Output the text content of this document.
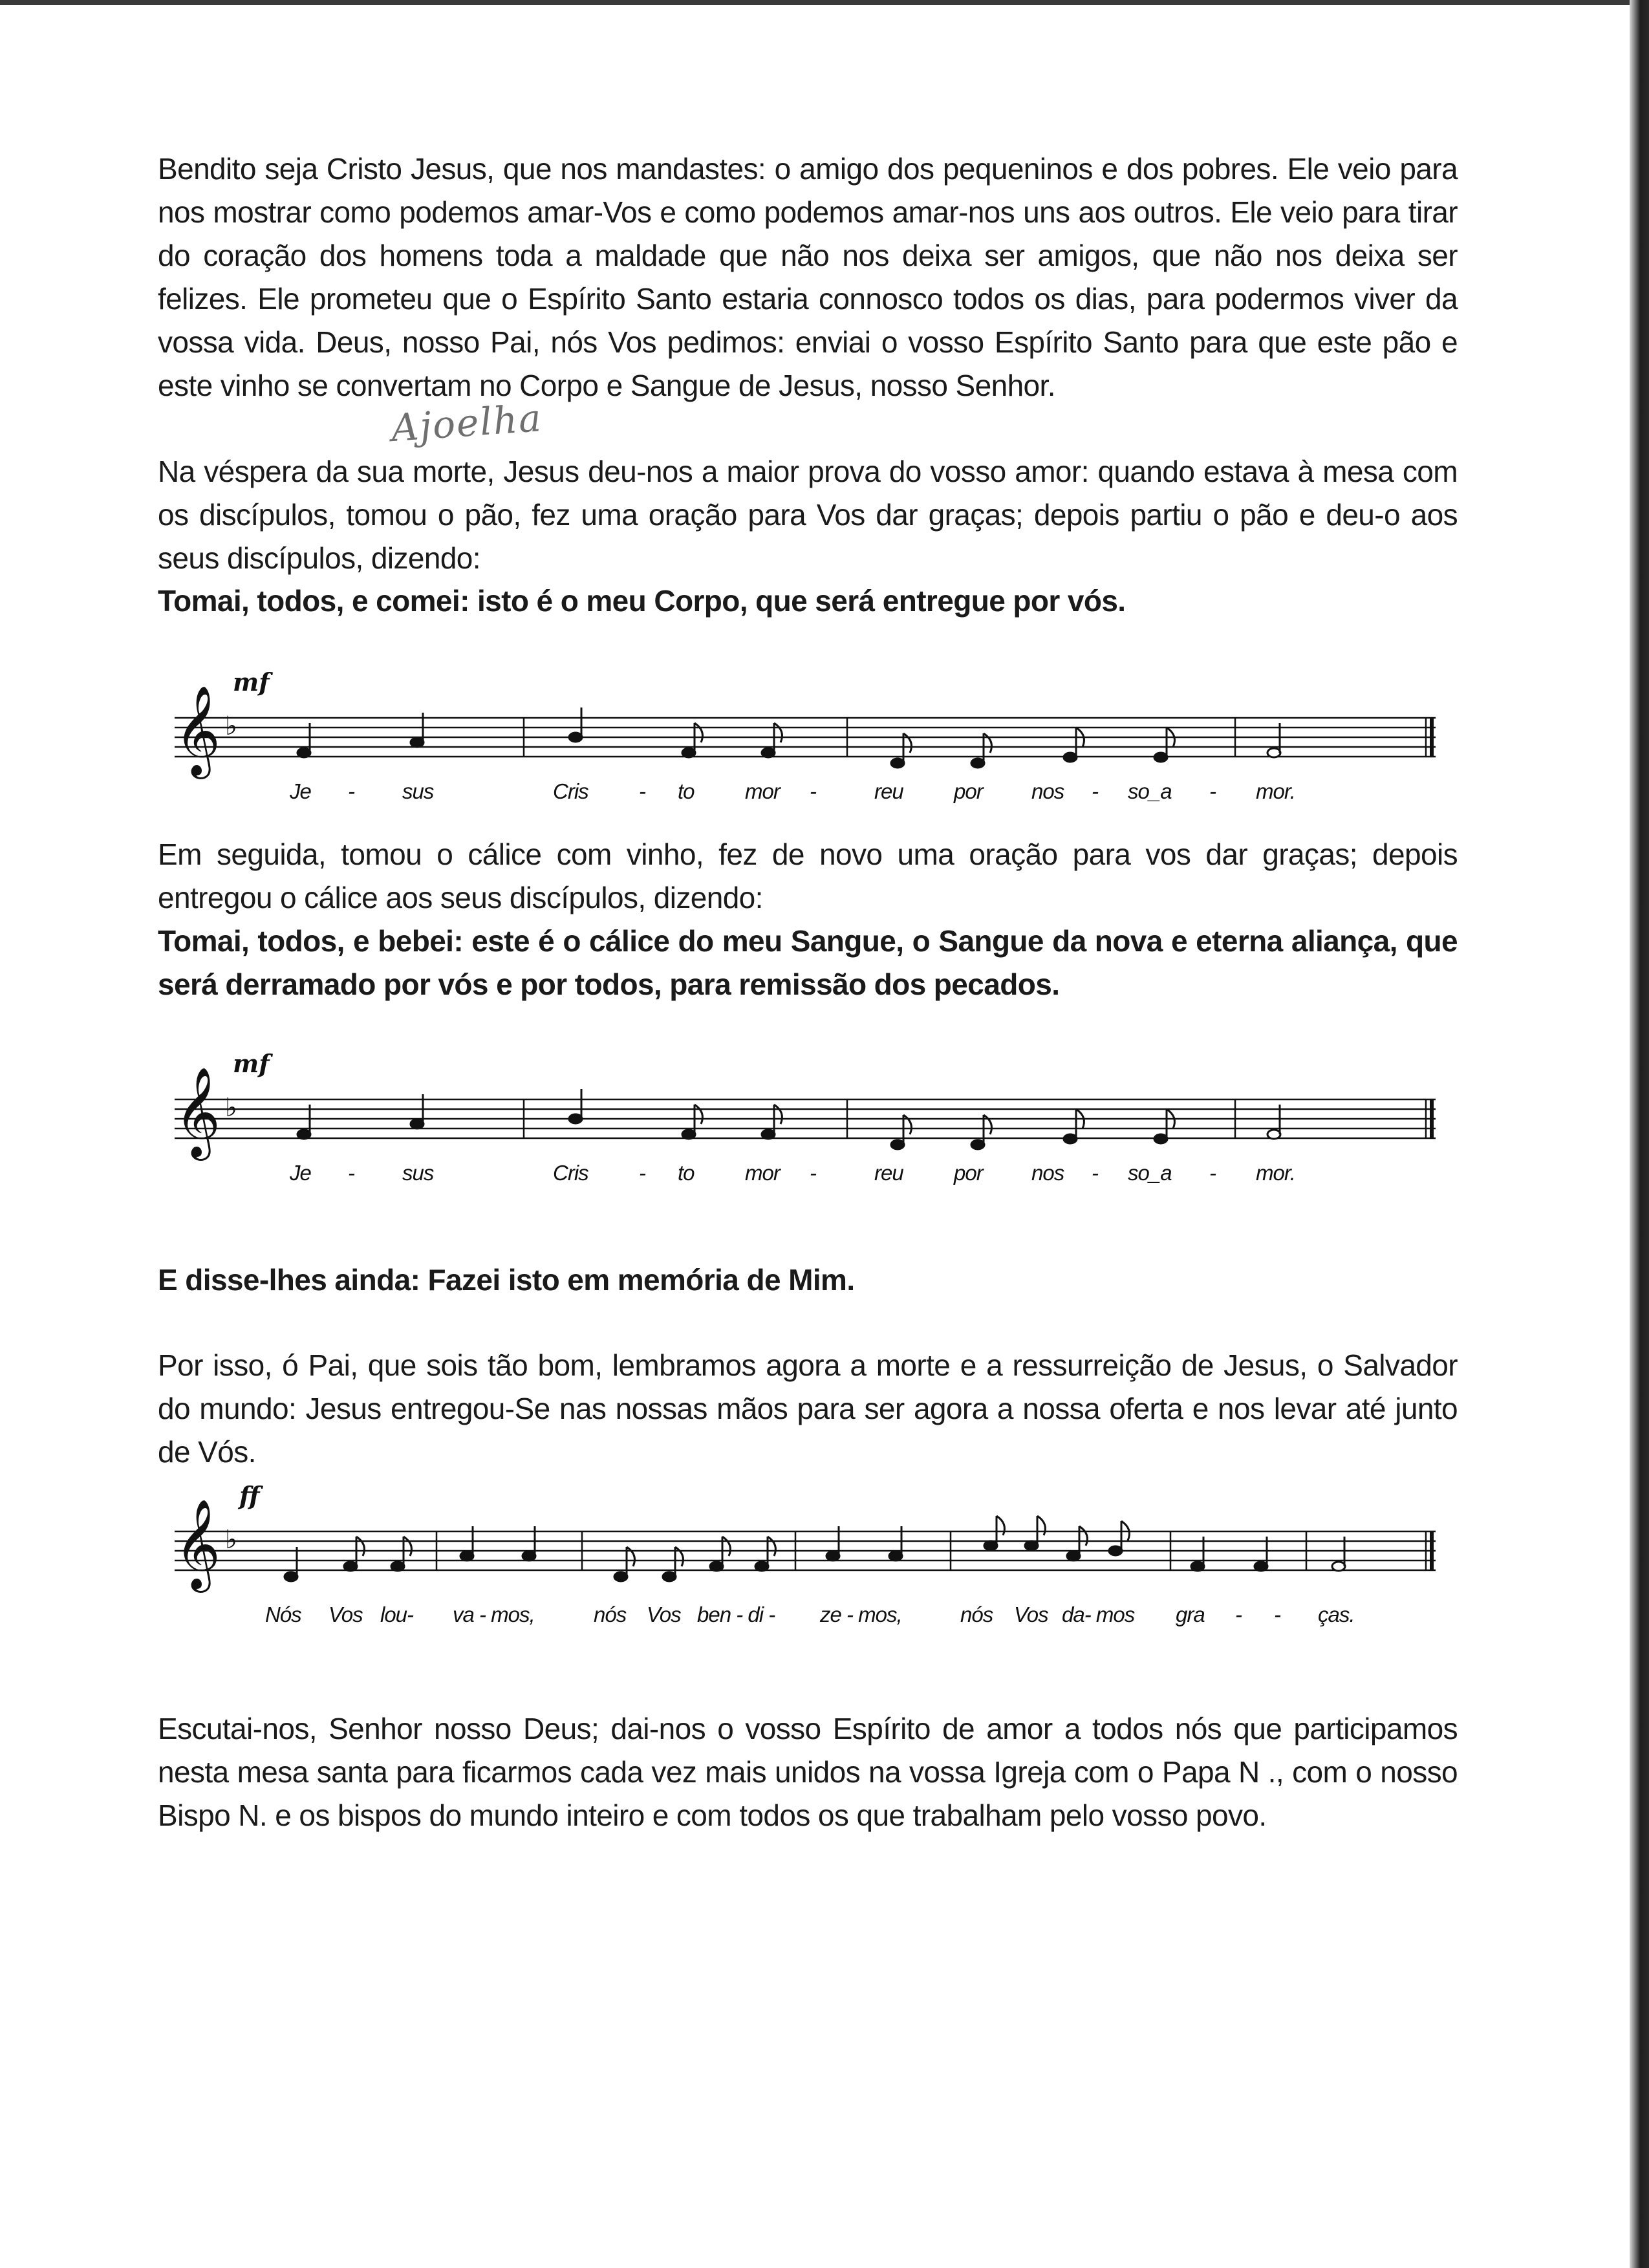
Bendito seja Cristo Jesus, que nos mandastes: o amigo dos pequeninos e dos pobres. Ele veio para nos mostrar como podemos amar-Vos e como podemos amar-nos uns aos outros. Ele veio para tirar do coração dos homens toda a maldade que não nos deixa ser amigos, que não nos deixa ser felizes. Ele prometeu que o Espírito Santo estaria connosco todos os dias, para podermos viver da vossa vida. Deus, nosso Pai, nós Vos pedimos: enviai o vosso Espírito Santo para que este pão e este vinho se convertam no Corpo e Sangue de Jesus, nosso Senhor.

Ajoelha

Na véspera da sua morte, Jesus deu-nos a maior prova do vosso amor: quando estava à mesa com os discípulos, tomou o pão, fez uma oração para Vos dar graças; depois partiu o pão e deu-o aos seus discípulos, dizendo:

Tomai, todos, e comei: isto é o meu Corpo, que será entregue por vós.

𝄞 ♭
mf
Je - sus	Cris - to mor -	reu por nos - so_a - mor.

Em seguida, tomou o cálice com vinho, fez de novo uma oração para vos dar graças; depois entregou o cálice aos seus discípulos, dizendo:

Tomai, todos, e bebei: este é o cálice do meu Sangue, o Sangue da nova e eterna aliança, que será derramado por vós e por todos, para remissão dos pecados.

𝄞 ♭
mf
Je - sus	Cris - to mor -	reu por nos - so_a - mor.

E disse-lhes ainda: Fazei isto em memória de Mim.

Por isso, ó Pai, que sois tão bom, lembramos agora a morte e a ressurreição de Jesus, o Salvador do mundo: Jesus entregou-Se nas nossas mãos para ser agora a nossa oferta e nos levar até junto de Vós.

𝄞 ♭
ff
Nós Vos lou- va - mos,	nós Vos ben - di - ze - mos,	nós Vos da- mos gra - - ças.

Escutai-nos, Senhor nosso Deus; dai-nos o vosso Espírito de amor a todos nós que participamos nesta mesa santa para ficarmos cada vez mais unidos na vossa Igreja com o Papa N ., com o nosso Bispo N. e os bispos do mundo inteiro e com todos os que trabalham pelo vosso povo.
